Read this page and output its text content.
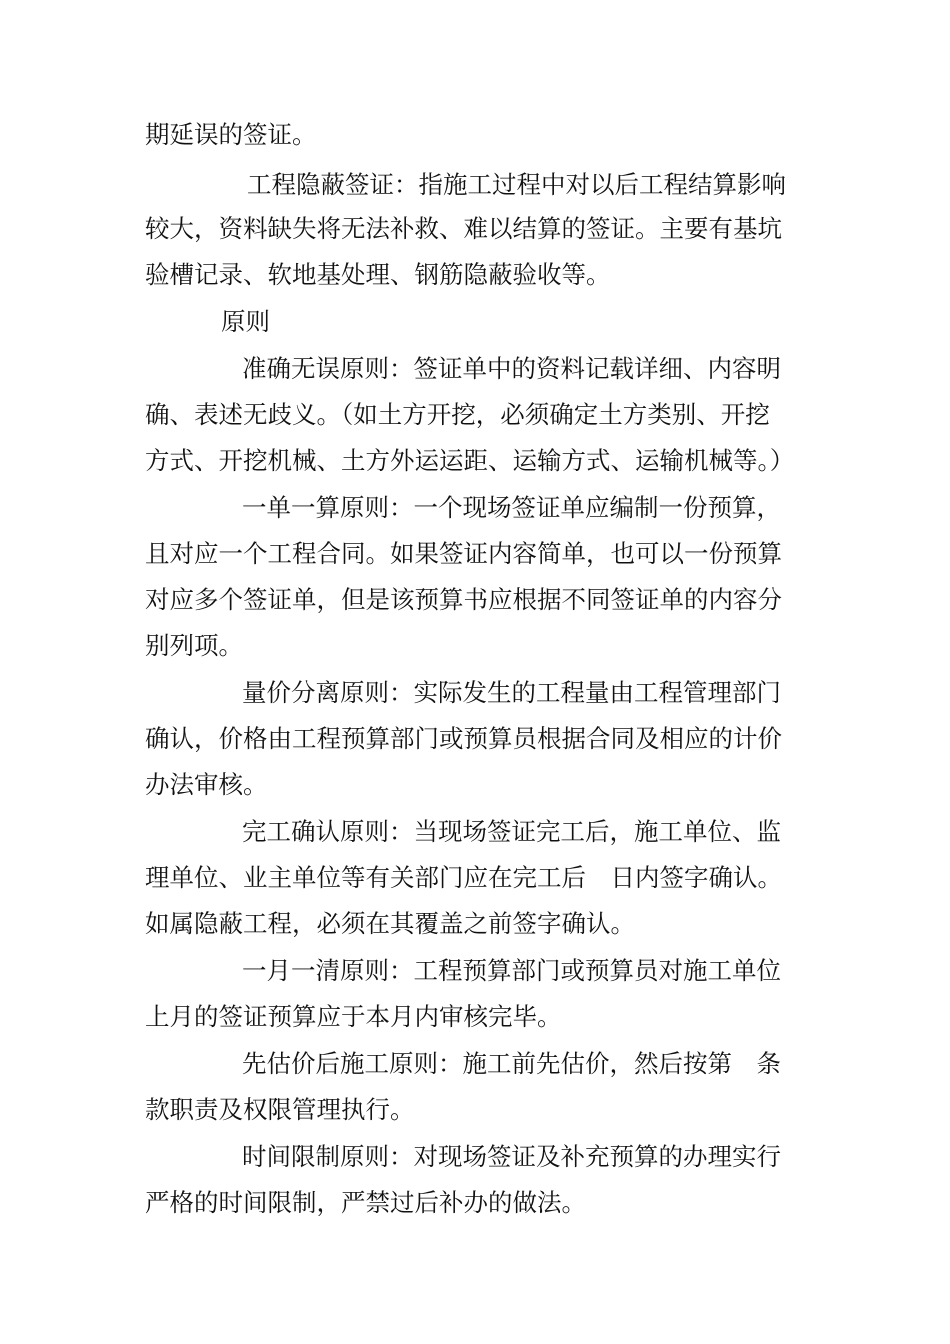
期延误的签证。
工程隐蔽签证：指施工过程中对以后工程结算影响
较大，资料缺失将无法补救、难以结算的签证。主要有基坑
验槽记录、软地基处理、钢筋隐蔽验收等。
原则
准确无误原则：签证单中的资料记载详细、内容明
确、表述无歧义。（如土方开挖，必须确定土方类别、开挖
方式、开挖机械、土方外运运距、运输方式、运输机械等。）
一单一算原则：一个现场签证单应编制一份预算，
且对应一个工程合同。如果签证内容简单，也可以一份预算
对应多个签证单，但是该预算书应根据不同签证单的内容分
别列项。
量价分离原则：实际发生的工程量由工程管理部门
确认，价格由工程预算部门或预算员根据合同及相应的计价
办法审核。
完工确认原则：当现场签证完工后，施工单位、监
理单位、业主单位等有关部门应在完工后　日内签字确认。
如属隐蔽工程，必须在其覆盖之前签字确认。
一月一清原则：工程预算部门或预算员对施工单位
上月的签证预算应于本月内审核完毕。
先估价后施工原则：施工前先估价，然后按第　条
款职责及权限管理执行。
时间限制原则：对现场签证及补充预算的办理实行
严格的时间限制，严禁过后补办的做法。
